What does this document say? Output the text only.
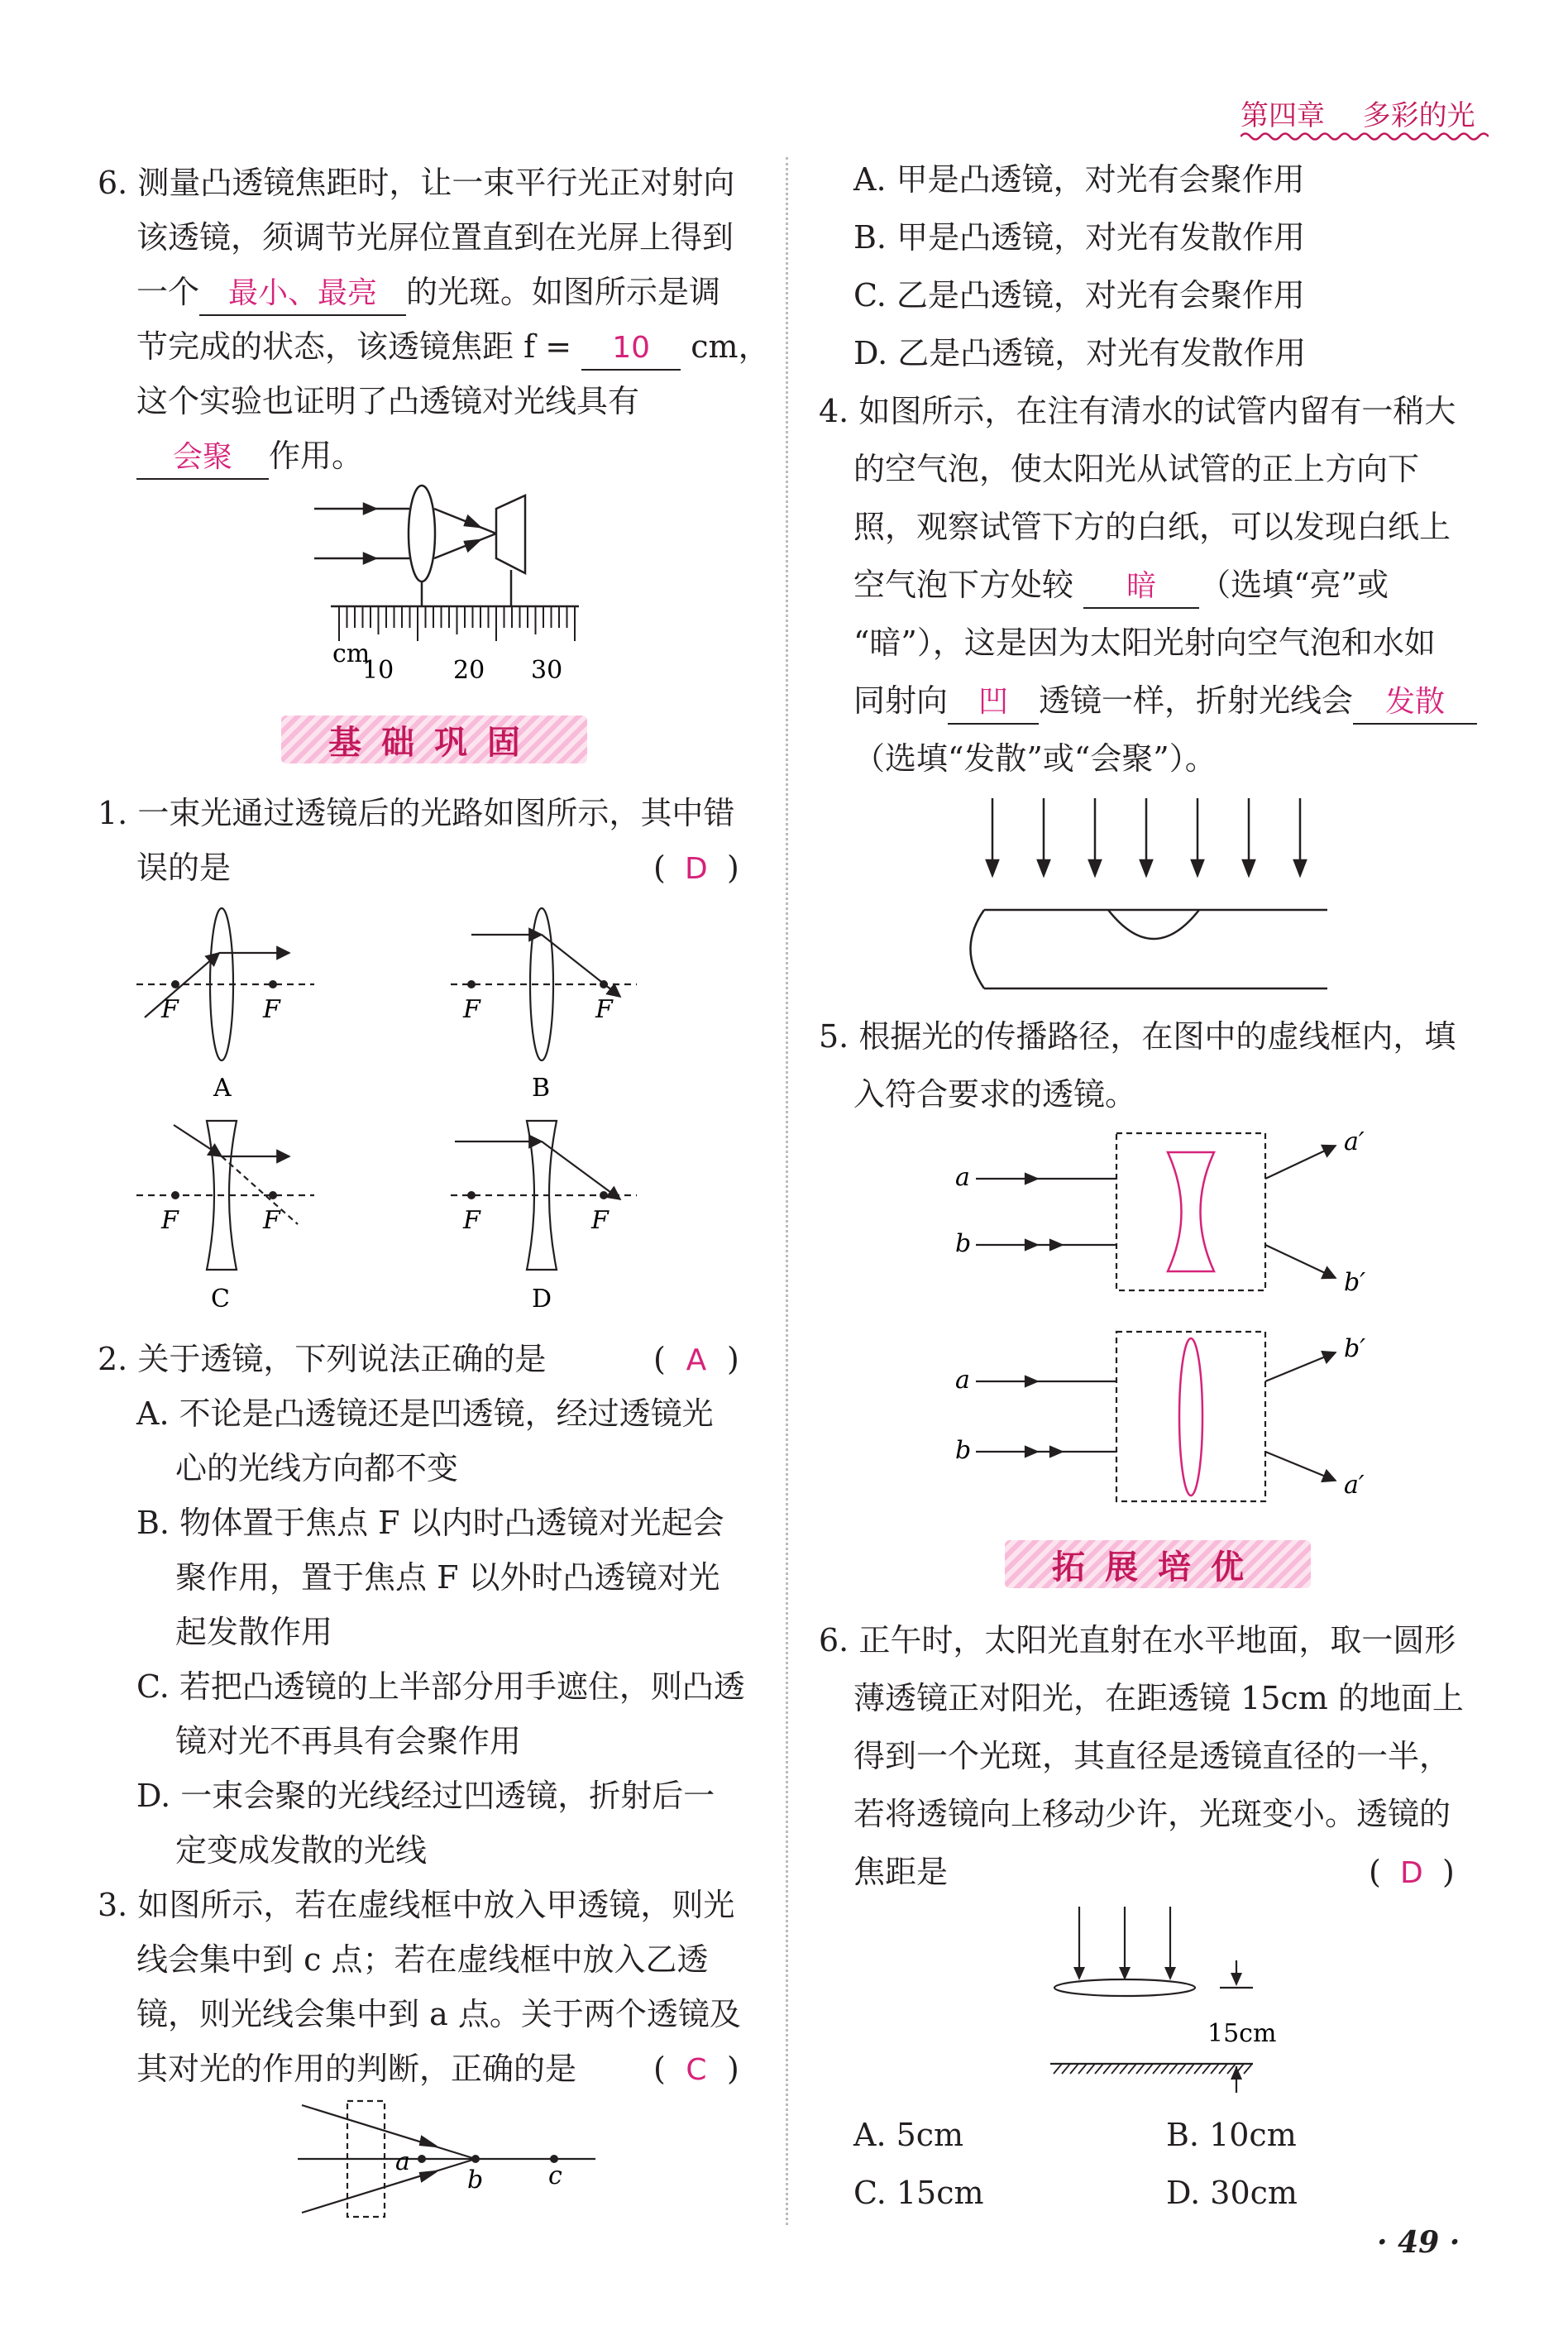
第四章 多彩的光
6. 测量凸透镜焦距时，让一束平行光正对射向
该透镜，须调节光屏位置直到在光屏上得到
一个 最小、最亮 的光斑。如图所示是调
节完成的状态，该透镜焦距 f = 10 cm，
这个实验也证明了凸透镜对光线具有
会聚 作用。
cm
10 20 30
基础巩固
1. 一束光通过透镜后的光路如图所示，其中错
误的是	( D )
F	F	F	F
F	F	F	F
A	B
C	D
2. 关于透镜，下列说法正确的是	( A )
A. 不论是凸透镜还是凹透镜，经过透镜光
心的光线方向都不变
B. 物体置于焦点 F 以内时凸透镜对光起会
聚作用，置于焦点 F 以外时凸透镜对光
起发散作用
C. 若把凸透镜的上半部分用手遮住，则凸透
镜对光不再具有会聚作用
D. 一束会聚的光线经过凹透镜，折射后一
定变成发散的光线
3. 如图所示，若在虚线框中放入甲透镜，则光
线会集中到 c 点；若在虚线框中放入乙透
镜，则光线会集中到 a 点。关于两个透镜及
其对光的作用的判断，正确的是 ( C )
a
b	c
A. 甲是凸透镜，对光有会聚作用
B. 甲是凸透镜，对光有发散作用
C. 乙是凸透镜，对光有会聚作用
D. 乙是凸透镜，对光有发散作用
4. 如图所示，在注有清水的试管内留有一稍大
的空气泡，使太阳光从试管的正上方向下
照，观察试管下方的白纸，可以发现白纸上
空气泡下方处较 暗 （选填“亮”或
“暗”），这是因为太阳光射向空气泡和水如
同射向 凹 透镜一样，折射光线会 发散
（选填“发散”或“会聚”）。
5. 根据光的传播路径，在图中的虚线框内，填
入符合要求的透镜。
a
b
a′
b′
a
b
b′
a′
拓展培优
6. 正午时，太阳光直射在水平地面，取一圆形
薄透镜正对阳光，在距透镜 15cm 的地面上
得到一个光斑，其直径是透镜直径的一半，
若将透镜向上移动少许，光斑变小。透镜的
焦距是	( D )
15cm
A. 5cm	B. 10cm
C. 15cm	D. 30cm
· 49 ·
